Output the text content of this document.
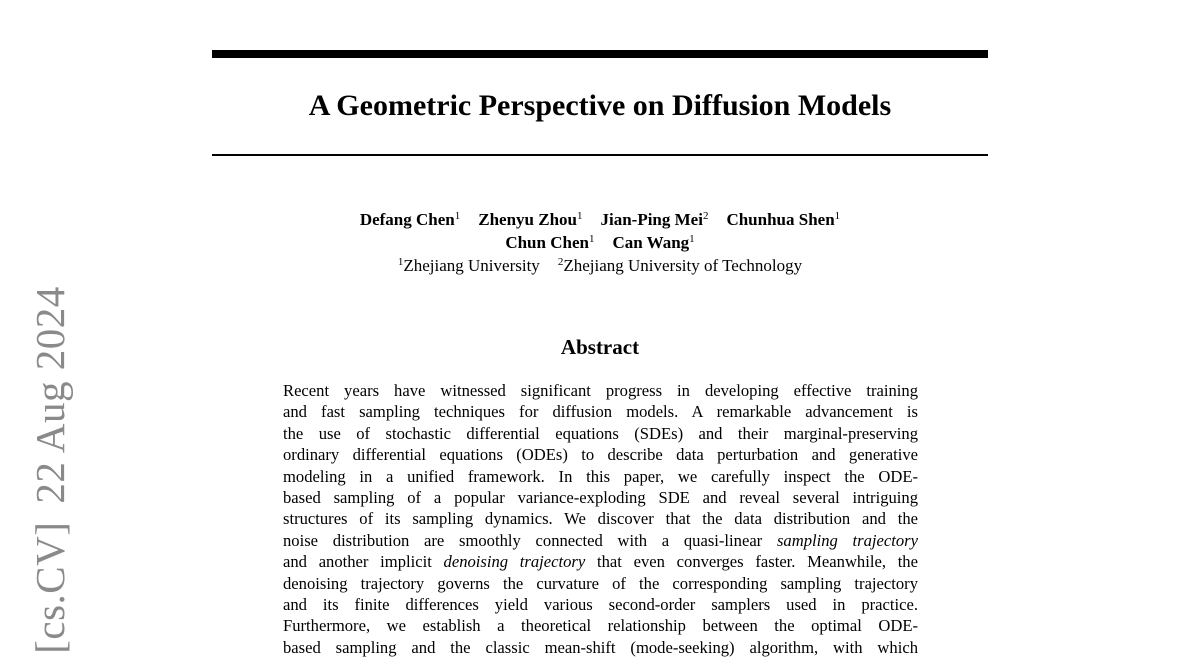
[cs.CV]22 Aug 2024
A Geometric Perspective on Diffusion Models
Defang Chen$^1$ Zhenyu Zhou$^1$ Jian-Ping Mei$^2$ Chunhua Shen$^1$
Chun Chen$^1$ Can Wang$^1$
$^1$Zhejiang University $^2$Zhejiang University of Technology
Abstract
Recent years have witnessed significant progress in developing effective training
and fast sampling techniques for diffusion models. A remarkable advancement is
the use of stochastic differential equations (SDEs) and their marginal-preserving
ordinary differential equations (ODEs) to describe data perturbation and generative
modeling in a unified framework. In this paper, we carefully inspect the ODE-
based sampling of a popular variance-exploding SDE and reveal several intriguing
structures of its sampling dynamics. We discover that the data distribution and the
noise distribution are smoothly connected with a quasi-linear sampling trajectory
and another implicit denoising trajectory that even converges faster. Meanwhile, the
denoising trajectory governs the curvature of the corresponding sampling trajectory
and its finite differences yield various second-order samplers used in practice.
Furthermore, we establish a theoretical relationship between the optimal ODE-
based sampling and the classic mean-shift (mode-seeking) algorithm, with which
